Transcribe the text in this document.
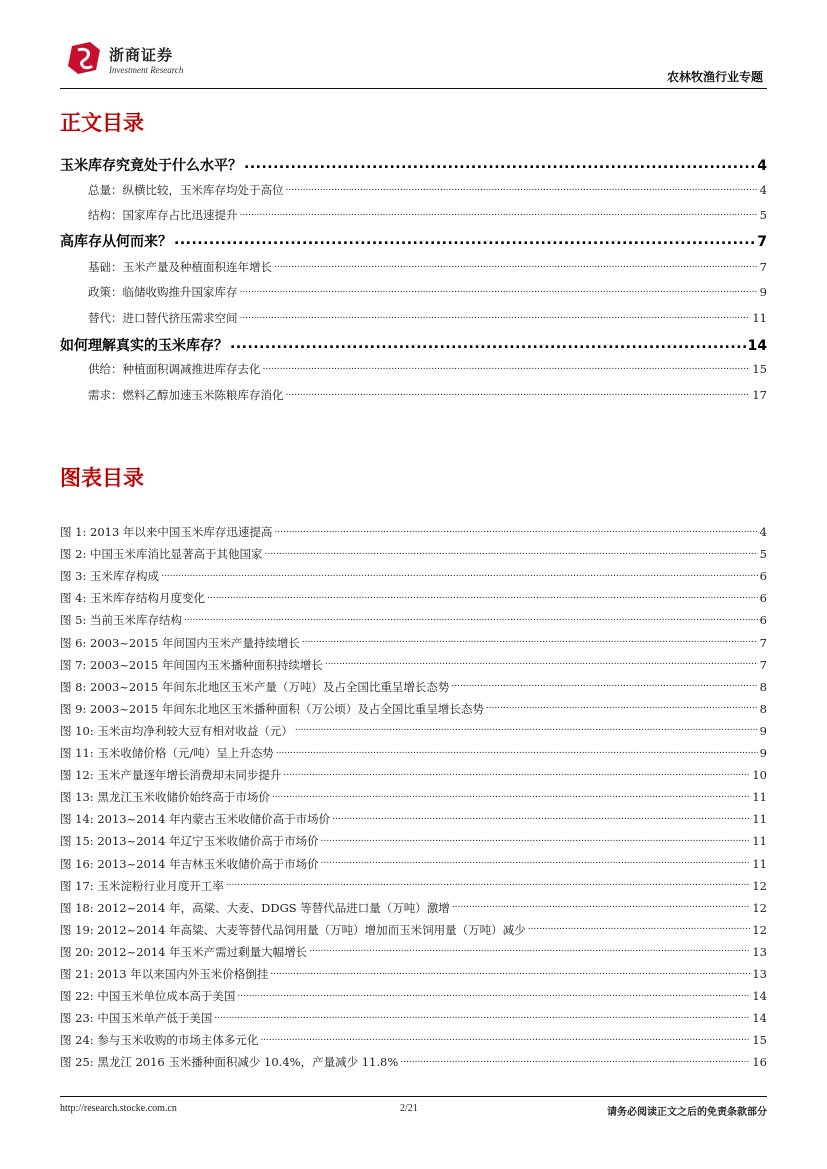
浙商证券
Investment Research	农林牧渔行业专题
正文目录
玉米库存究竟处于什么水平？ .....	4
总量：纵横比较，玉米库存均处于高位 .....	4
结构：国家库存占比迅速提升 .....	5
高库存从何而来？ .....	7
基础：玉米产量及种植面积连年增长 .....	7
政策：临储收购推升国家库存 .....	9
替代：进口替代挤压需求空间 .....	11
如何理解真实的玉米库存？ .....	14
供给：种植面积调减推进库存去化 .....	15
需求：燃料乙醇加速玉米陈粮库存消化 .....	17
图表目录
图 1: 2013 年以来中国玉米库存迅速提高 .....	4
图 2: 中国玉米库消比显著高于其他国家 .....	5
图 3: 玉米库存构成 .....	6
图 4: 玉米库存结构月度变化 .....	6
图 5: 当前玉米库存结构 .....	6
图 6: 2003~2015 年间国内玉米产量持续增长 .....	7
图 7: 2003~2015 年间国内玉米播种面积持续增长 .....	7
图 8: 2003~2015 年间东北地区玉米产量（万吨）及占全国比重呈增长态势 .....	8
图 9: 2003~2015 年间东北地区玉米播种面积（万公顷）及占全国比重呈增长态势 .....	8
图 10: 玉米亩均净利较大豆有相对收益（元） .....	9
图 11: 玉米收储价格（元/吨）呈上升态势 .....	9
图 12: 玉米产量逐年增长消费却未同步提升 .....	10
图 13: 黑龙江玉米收储价始终高于市场价 .....	11
图 14: 2013~2014 年内蒙古玉米收储价高于市场价 .....	11
图 15: 2013~2014 年辽宁玉米收储价高于市场价 .....	11
图 16: 2013~2014 年吉林玉米收储价高于市场价 .....	11
图 17: 玉米淀粉行业月度开工率 .....	12
图 18: 2012~2014 年，高粱、大麦、DDGS 等替代品进口量（万吨）激增 .....	12
图 19: 2012~2014 年高粱、大麦等替代品饲用量（万吨）增加而玉米饲用量（万吨）减少 .....	12
图 20: 2012~2014 年玉米产需过剩量大幅增长 .....	13
图 21: 2013 年以来国内外玉米价格倒挂 .....	13
图 22: 中国玉米单位成本高于美国 .....	14
图 23: 中国玉米单产低于美国 .....	14
图 24: 参与玉米收购的市场主体多元化 .....	15
图 25: 黑龙江 2016 玉米播种面积减少 10.4%，产量减少 11.8% .....	16
http://research.stocke.com.cn	2/21	请务必阅读正文之后的免责条款部分
